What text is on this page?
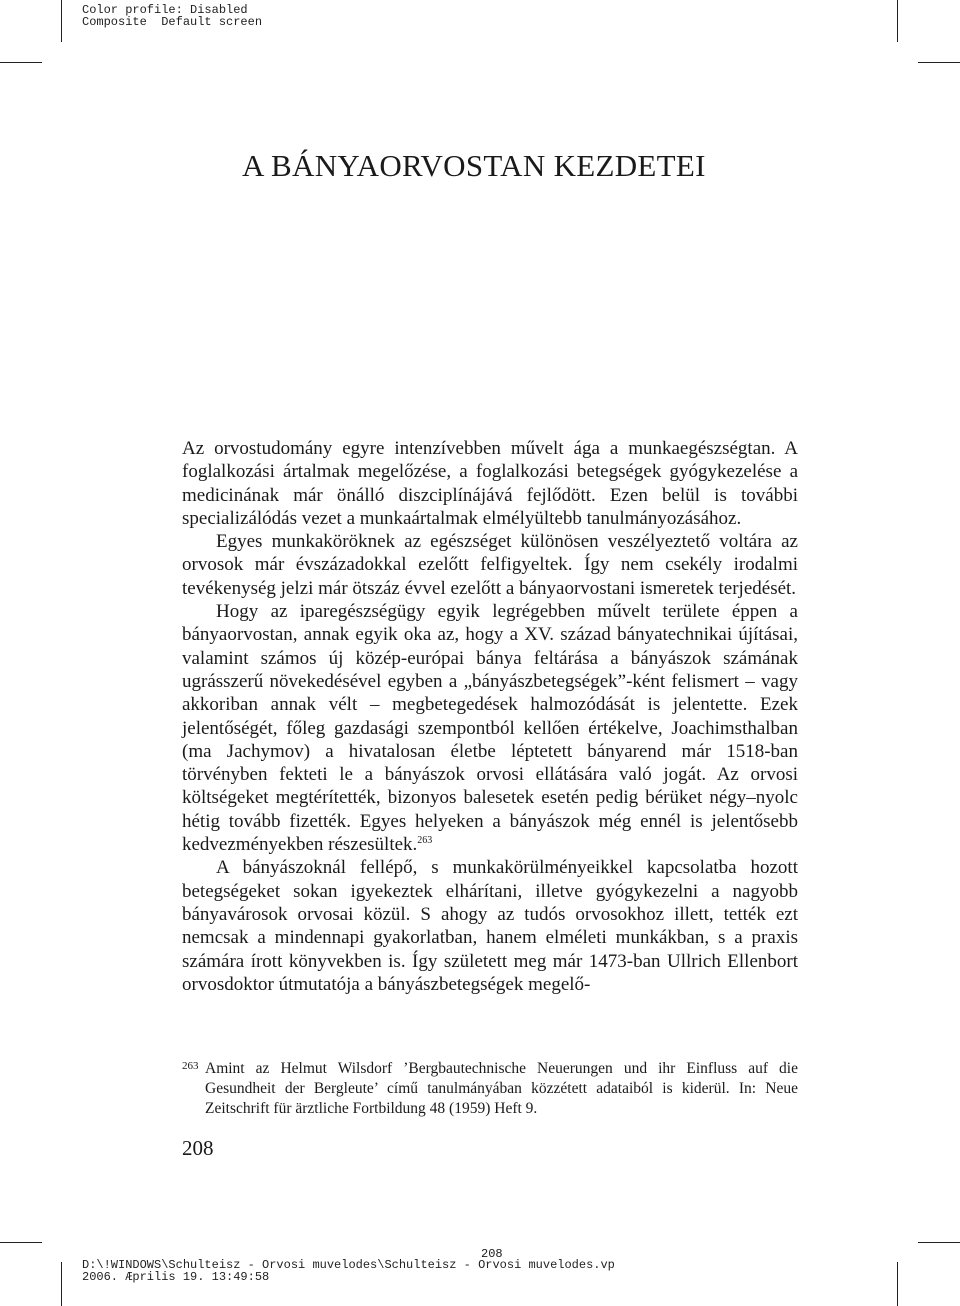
Color profile: Disabled
Composite  Default screen
A BÁNYAORVOSTAN KEZDETEI

Az orvostudomány egyre intenzívebben művelt ága a munkaegészségtan. A foglalkozási ártalmak megelőzése, a foglalkozási betegségek gyógykezelése a medicinának már önálló diszciplínájává fejlődött. Ezen belül is további specializálódás vezet a munkaártalmak elmélyültebb tanulmányozásához.

Egyes munkaköröknek az egészséget különösen veszélyeztető voltára az orvosok már évszázadokkal ezelőtt felfigyeltek. Így nem csekély irodalmi tevékenység jelzi már ötszáz évvel ezelőtt a bányaorvostani ismeretek terjedését.

Hogy az iparegészségügy egyik legrégebben művelt területe éppen a bányaorvostan, annak egyik oka az, hogy a XV. század bányatechnikai újításai, valamint számos új közép-európai bánya feltárása a bányászok számának ugrásszerű növekedésével egyben a „bányászbetegségek”-ként felismert – vagy akkoriban annak vélt – megbetegedések halmozódását is jelentette. Ezek jelentőségét, főleg gazdasági szempontból kellően értékelve, Joachimsthalban (ma Jachymov) a hivatalosan életbe léptetett bányarend már 1518-ban törvényben fekteti le a bányászok orvosi ellátására való jogát. Az orvosi költségeket megtérítették, bizonyos balesetek esetén pedig bérüket négy–nyolc hétig tovább fizették. Egyes helyeken a bányászok még ennél is jelentősebb kedvezményekben részesültek.$^{263}$

A bányászoknál fellépő, s munkakörülményeikkel kapcsolatba hozott betegségeket sokan igyekeztek elhárítani, illetve gyógykezelni a nagyobb bányavárosok orvosai közül. S ahogy az tudós orvosokhoz illett, tették ezt nemcsak a mindennapi gyakorlatban, hanem elméleti munkákban, s a praxis számára írott könyvekben is. Így született meg már 1473-ban Ullrich Ellenbort orvosdoktor útmutatója a bányászbetegségek megelő-

263 Amint az Helmut Wilsdorf ’Bergbautechnische Neuerungen und ihr Einfluss auf die Gesundheit der Bergleute’ című tanulmányában közzétett adataiból is kiderül. In: Neue Zeitschrift für ärztliche Fortbildung 48 (1959) Heft 9.
208
208
D:\!WINDOWS\Schulteisz - Orvosi muvelodes\Schulteisz - Orvosi muvelodes.vp
2006. Æprilis 19. 13:49:58
